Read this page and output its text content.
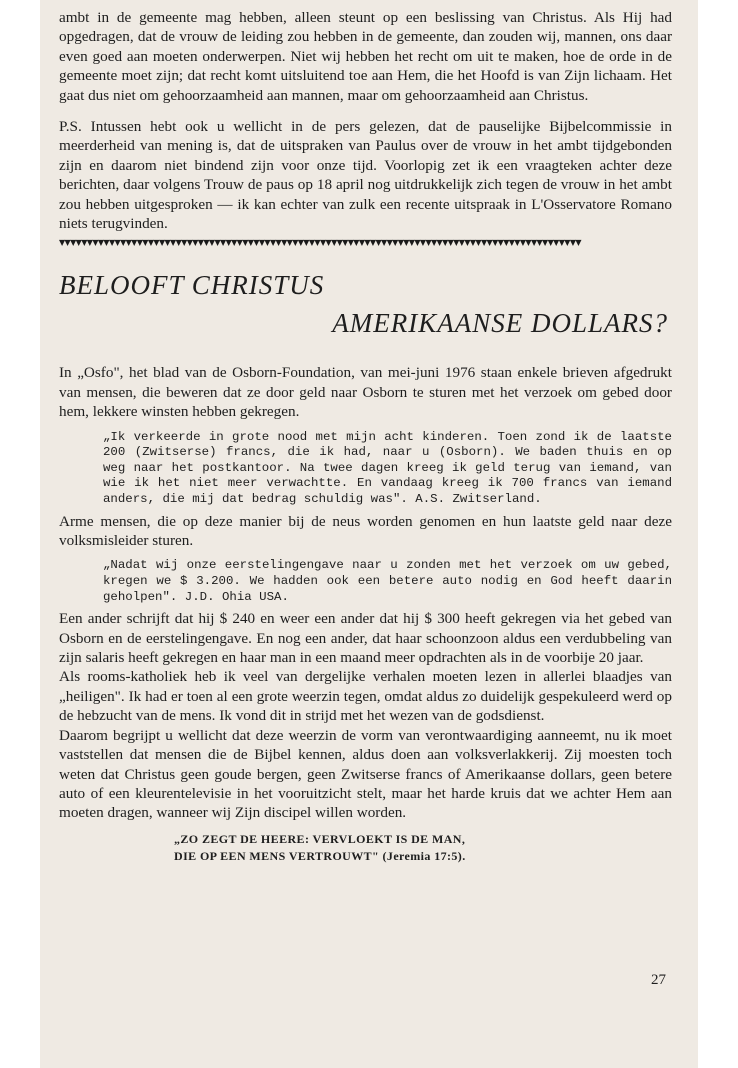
ambt in de gemeente mag hebben, alleen steunt op een beslissing van Christus. Als Hij had opgedragen, dat de vrouw de leiding zou hebben in de gemeente, dan zouden wij, mannen, ons daar even goed aan moeten onderwerpen. Niet wij hebben het recht om uit te maken, hoe de orde in de gemeente moet zijn; dat recht komt uitsluitend toe aan Hem, die het Hoofd is van Zijn lichaam. Het gaat dus niet om gehoorzaamheid aan mannen, maar om gehoorzaamheid aan Christus.

P.S. Intussen hebt ook u wellicht in de pers gelezen, dat de pauselijke Bijbelcommissie in meerderheid van mening is, dat de uitspraken van Paulus over de vrouw in het ambt tijdgebonden zijn en daarom niet bindend zijn voor onze tijd. Voorlopig zet ik een vraagteken achter deze berichten, daar volgens Trouw de paus op 18 april nog uitdrukkelijk zich tegen de vrouw in het ambt zou hebben uitgesproken — ik kan echter van zulk een recente uitspraak in L'Osservatore Romano niets terugvinden.

▼▼▼▼▼▼▼▼▼▼▼▼▼▼▼▼▼▼▼▼▼▼▼▼▼▼▼▼▼▼▼▼▼▼▼▼▼▼▼▼▼▼▼▼▼▼▼▼▼▼▼▼▼▼▼▼▼▼▼▼▼▼▼▼▼▼▼▼▼▼▼▼▼▼▼▼▼▼▼▼▼▼▼▼▼▼▼▼▼▼▼▼▼▼
BELOOFT CHRISTUS
AMERIKAANSE DOLLARS?

In „Osfo", het blad van de Osborn-Foundation, van mei-juni 1976 staan enkele brieven afgedrukt van mensen, die beweren dat ze door geld naar Osborn te sturen met het verzoek om gebed door hem, lekkere winsten hebben gekregen.

„Ik verkeerde in grote nood met mijn acht kinderen. Toen zond ik de laatste 200 (Zwitserse) francs, die ik had, naar u (Osborn). We baden thuis en op weg naar het postkantoor. Na twee dagen kreeg ik geld terug van iemand, van wie ik het niet meer verwachtte. En vandaag kreeg ik 700 francs van iemand anders, die mij dat bedrag schuldig was". A.S. Zwitserland.

Arme mensen, die op deze manier bij de neus worden genomen en hun laatste geld naar deze volksmisleider sturen.

„Nadat wij onze eerstelingengave naar u zonden met het verzoek om uw gebed, kregen we $ 3.200. We hadden ook een betere auto nodig en God heeft daarin geholpen". J.D. Ohia USA.

Een ander schrijft dat hij $ 240 en weer een ander dat hij $ 300 heeft gekregen via het gebed van Osborn en de eerstelingengave. En nog een ander, dat haar schoonzoon aldus een verdubbeling van zijn salaris heeft gekregen en haar man in een maand meer opdrachten als in de voorbije 20 jaar.

Als rooms-katholiek heb ik veel van dergelijke verhalen moeten lezen in allerlei blaadjes van „heiligen". Ik had er toen al een grote weerzin tegen, omdat aldus zo duidelijk gespekuleerd werd op de hebzucht van de mens. Ik vond dit in strijd met het wezen van de godsdienst.

Daarom begrijpt u wellicht dat deze weerzin de vorm van verontwaardiging aanneemt, nu ik moet vaststellen dat mensen die de Bijbel kennen, aldus doen aan volksverlakkerij. Zij moesten toch weten dat Christus geen goude bergen, geen Zwitserse francs of Amerikaanse dollars, geen betere auto of een kleurentelevisie in het vooruitzicht stelt, maar het harde kruis dat we achter Hem aan moeten dragen, wanneer wij Zijn discipel willen worden.

„ZO ZEGT DE HEERE: VERVLOEKT IS DE MAN,
DIE OP EEN MENS VERTROUWT" (Jeremia 17:5).
27
